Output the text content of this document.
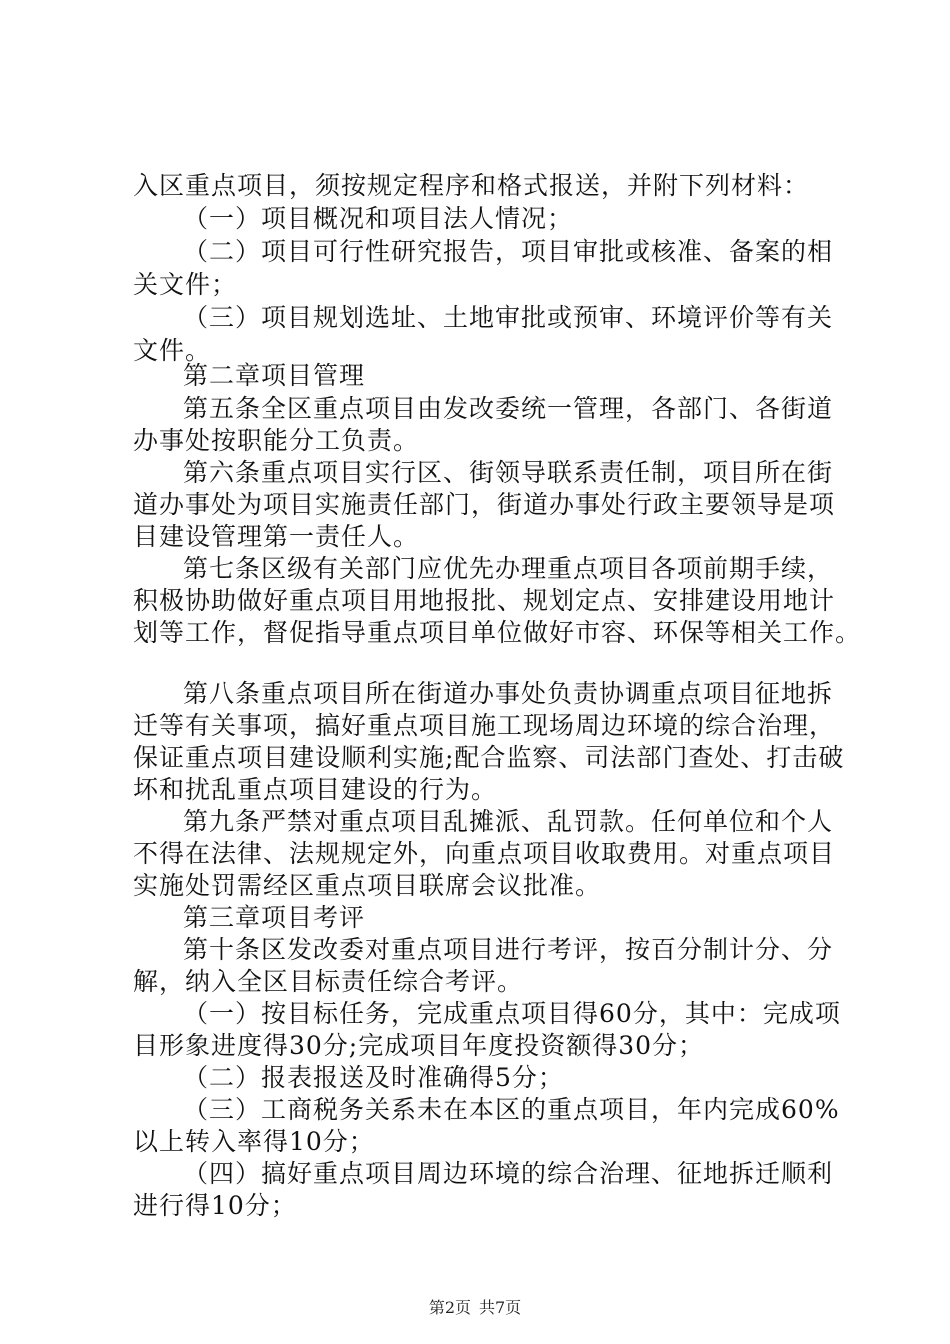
入区重点项目，须按规定程序和格式报送，并附下列材料：
（一）项目概况和项目法人情况；
（二）项目可行性研究报告，项目审批或核准、备案的相
关文件；
（三）项目规划选址、土地审批或预审、环境评价等有关
文件。
第二章项目管理
第五条全区重点项目由发改委统一管理，各部门、各街道
办事处按职能分工负责。
第六条重点项目实行区、街领导联系责任制，项目所在街
道办事处为项目实施责任部门，街道办事处行政主要领导是项
目建设管理第一责任人。
第七条区级有关部门应优先办理重点项目各项前期手续，
积极协助做好重点项目用地报批、规划定点、安排建设用地计
划等工作，督促指导重点项目单位做好市容、环保等相关工作。
第八条重点项目所在街道办事处负责协调重点项目征地拆
迁等有关事项，搞好重点项目施工现场周边环境的综合治理，
保证重点项目建设顺利实施;配合监察、司法部门查处、打击破
坏和扰乱重点项目建设的行为。
第九条严禁对重点项目乱摊派、乱罚款。任何单位和个人
不得在法律、法规规定外，向重点项目收取费用。对重点项目
实施处罚需经区重点项目联席会议批准。
第三章项目考评
第十条区发改委对重点项目进行考评，按百分制计分、分
解，纳入全区目标责任综合考评。
（一）按目标任务，完成重点项目得60分，其中：完成项
目形象进度得30分;完成项目年度投资额得30分；
（二）报表报送及时准确得5分；
（三）工商税务关系未在本区的重点项目，年内完成60%
以上转入率得10分；
（四）搞好重点项目周边环境的综合治理、征地拆迁顺利
进行得10分；
第2页 共7页
